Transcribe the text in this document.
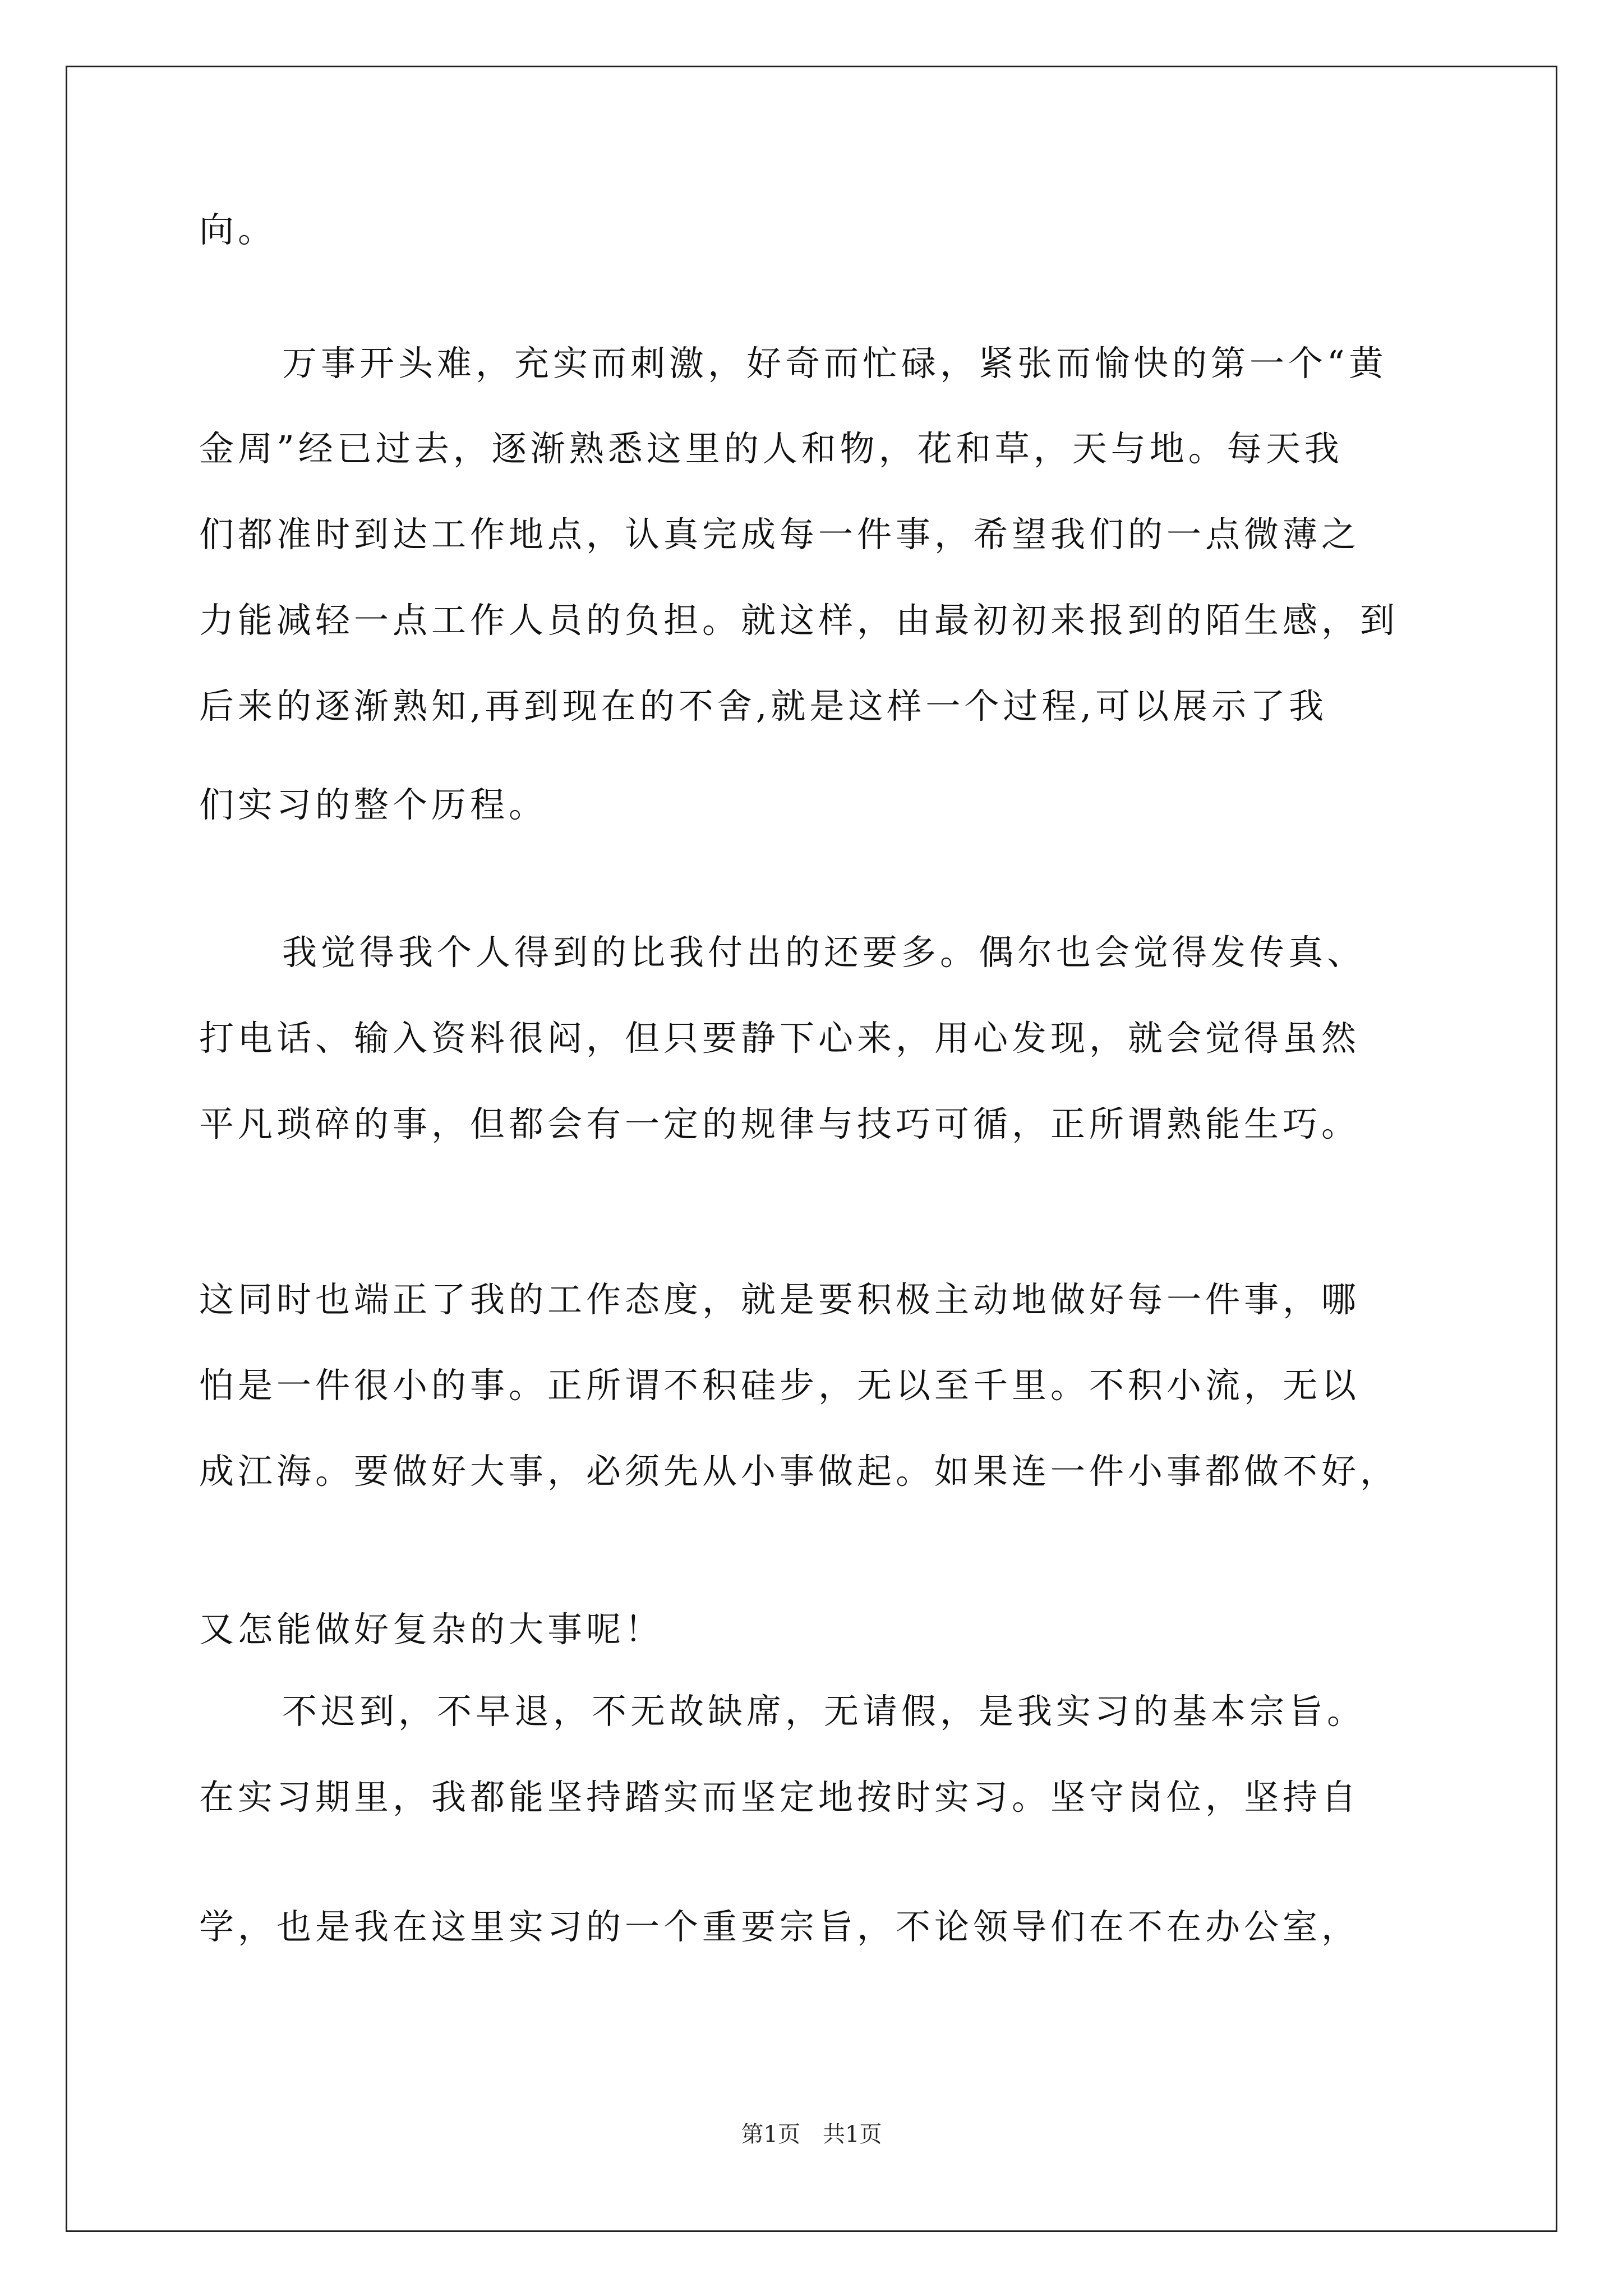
向。
万事开头难，充实而刺激，好奇而忙碌，紧张而愉快的第一个“黄
金周”经已过去，逐渐熟悉这里的人和物，花和草，天与地。每天我
们都准时到达工作地点，认真完成每一件事，希望我们的一点微薄之
力能减轻一点工作人员的负担。就这样，由最初初来报到的陌生感，到
后来的逐渐熟知,再到现在的不舍,就是这样一个过程,可以展示了我
们实习的整个历程。
我觉得我个人得到的比我付出的还要多。偶尔也会觉得发传真、
打电话、输入资料很闷，但只要静下心来，用心发现，就会觉得虽然
平凡琐碎的事，但都会有一定的规律与技巧可循，正所谓熟能生巧。
这同时也端正了我的工作态度，就是要积极主动地做好每一件事，哪
怕是一件很小的事。正所谓不积硅步，无以至千里。不积小流，无以
成江海。要做好大事，必须先从小事做起。如果连一件小事都做不好，
又怎能做好复杂的大事呢！
不迟到，不早退，不无故缺席，无请假，是我实习的基本宗旨。
在实习期里，我都能坚持踏实而坚定地按时实习。坚守岗位，坚持自
学，也是我在这里实习的一个重要宗旨，不论领导们在不在办公室，
第1页　共1页
